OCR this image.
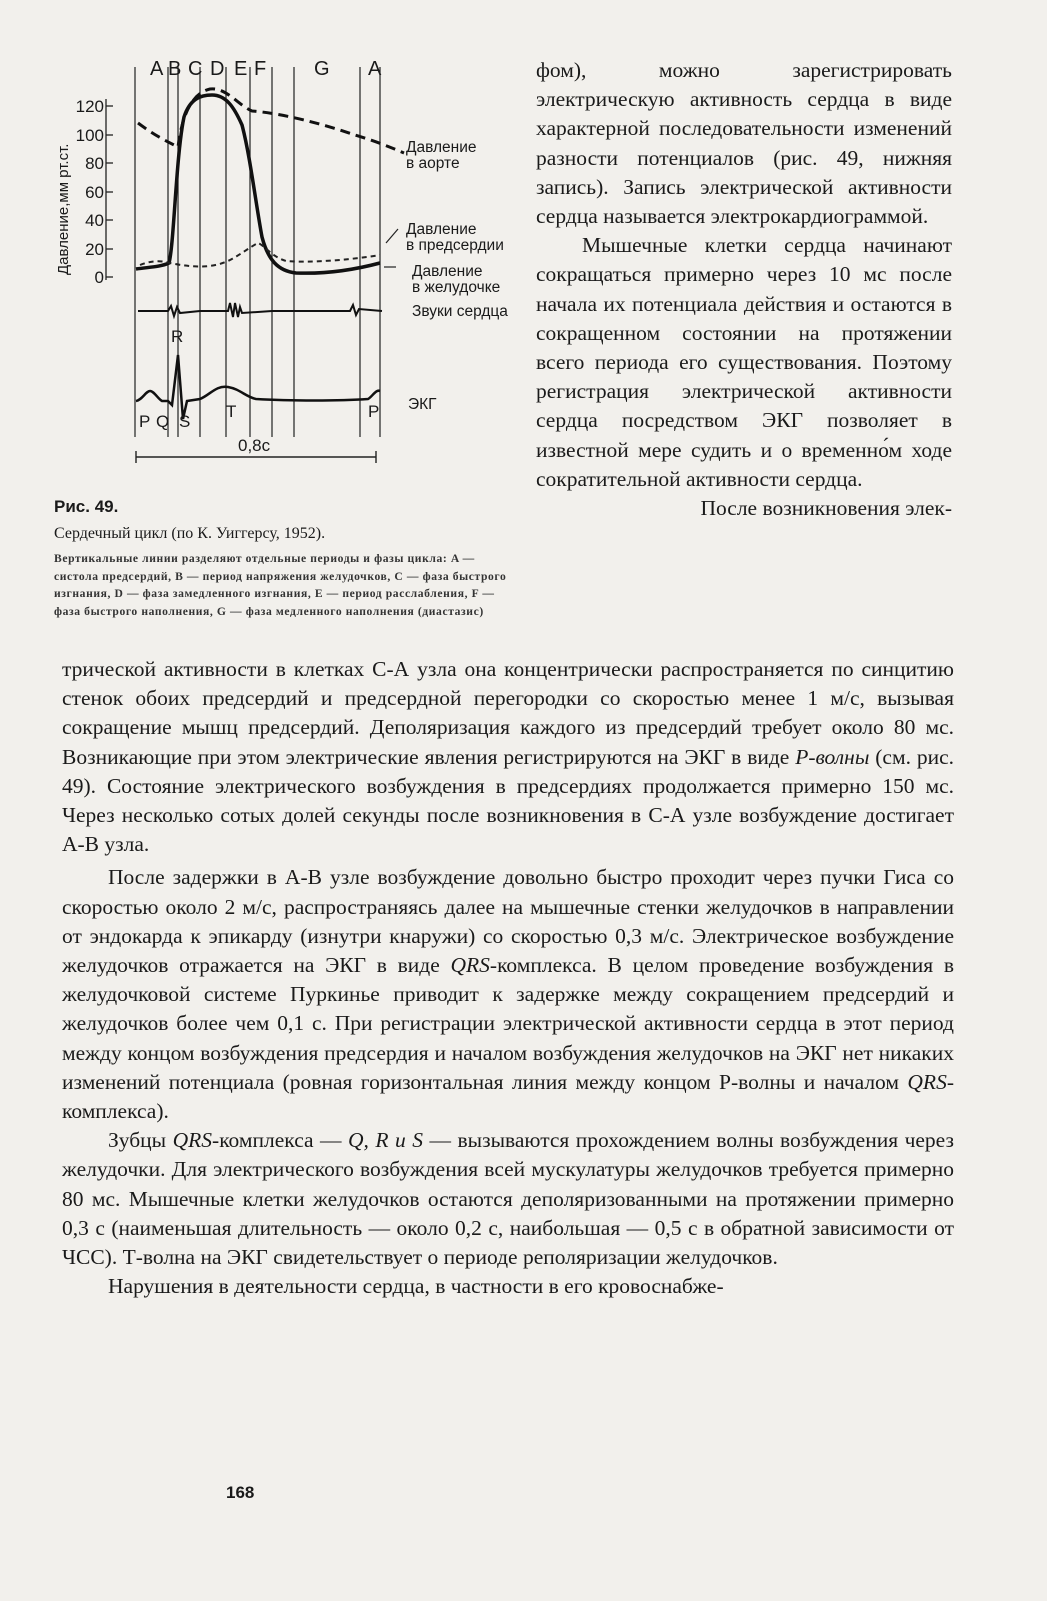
A B C D E F G A
120
100
80
60
40
20
0
Давление,мм рт.ст.
P Q
R
S
T	P
0,8с
Давление
в аорте
Давление
в предсердии
Давление
в желудочке
Звуки сердца
ЭКГ

Рис. 49.

Сердечный цикл (по К. Уиггерсу, 1952).

Вертикальные линии разделяют отдельные периоды и фазы цикла: A — систола предсердий, B — период напряжения желудочков, C — фаза быстрого изгнания, D — фаза замедленного изгнания, E — период расслабления, F — фаза быстрого наполнения, G — фаза медленного наполнения (диастазис)

фом), можно зарегистрировать электрическую активность сердца в виде характерной последовательности изменений разности потенциалов (рис. 49, нижняя запись). Запись электрической активности сердца называется электрокардиограммой.

Мышечные клетки сердца начинают сокращаться примерно через 10 мс после начала их потенциала действия и остаются в сокращенном состоянии на протяжении всего периода его существования. Поэтому регистрация электрической активности сердца посредством ЭКГ позволяет в известной мере судить и о временно́м ходе сократительной активности сердца.

После возникновения элек-

трической активности в клетках С-А узла она концентрически распространяется по синцитию стенок обоих предсердий и предсердной перегородки со скоростью менее 1 м/с, вызывая сокращение мышц предсердий. Деполяризация каждого из предсердий требует около 80 мс. Возникающие при этом электрические явления регистрируются на ЭКГ в виде Р-волны (см. рис. 49). Состояние электрического возбуждения в предсердиях продолжается примерно 150 мс. Через несколько сотых долей секунды после возникновения в С-А узле возбуждение достигает А-В узла.

После задержки в А-В узле возбуждение довольно быстро проходит через пучки Гиса со скоростью около 2 м/с, распространяясь далее на мышечные стенки желудочков в направлении от эндокарда к эпикарду (изнутри кнаружи) со скоростью 0,3 м/с. Электрическое возбуждение желудочков отражается на ЭКГ в виде QRS-комплекса. В целом проведение возбуждения в желудочковой системе Пуркинье приводит к задержке между сокращением предсердий и желудочков более чем 0,1 с. При регистрации электрической активности сердца в этот период между концом возбуждения предсердия и началом возбуждения желудочков на ЭКГ нет никаких изменений потенциала (ровная горизонтальная линия между концом Р-волны и началом QRS-комплекса).

Зубцы QRS-комплекса — Q, R и S — вызываются прохождением волны возбуждения через желудочки. Для электрического возбуждения всей мускулатуры желудочков требуется примерно 80 мс. Мышечные клетки желудочков остаются деполяризованными на протяжении примерно 0,3 с (наименьшая длительность — около 0,2 с, наибольшая — 0,5 с в обратной зависимости от ЧСС). Т-волна на ЭКГ свидетельствует о периоде реполяризации желудочков.

Нарушения в деятельности сердца, в частности в его кровоснабже-

168
